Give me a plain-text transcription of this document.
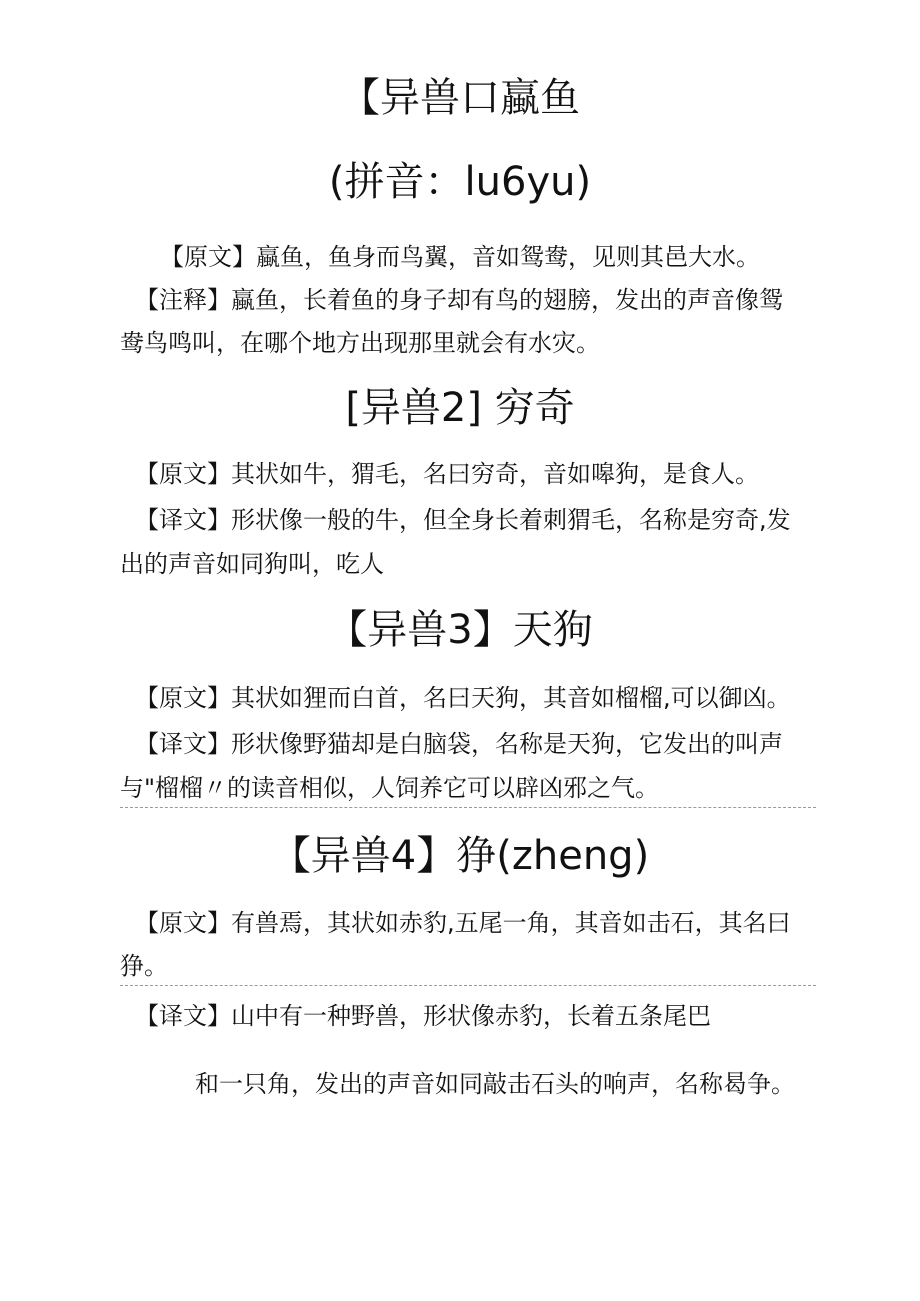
【异兽口蠃鱼
(拼音：lu6yu)
【原文】蠃鱼，鱼身而鸟翼，音如鸳鸯，见则其邑大水。
【注释】蠃鱼，长着鱼的身子却有鸟的翅膀，发出的声音像鸳
鸯鸟鸣叫，在哪个地方出现那里就会有水灾。
[异兽2] 穷奇
【原文】其状如牛，猬毛，名曰穷奇，音如嗥狗，是食人。
【译文】形状像一般的牛，但全身长着刺猬毛，名称是穷奇,发
出的声音如同狗叫，吃人
【异兽3】天狗
【原文】其状如狸而白首，名曰天狗，其音如榴榴,可以御凶。
【译文】形状像野猫却是白脑袋，名称是天狗，它发出的叫声
与"榴榴〃的读音相似，人饲养它可以辟凶邪之气。
【异兽4】狰(zheng)
【原文】有兽焉，其状如赤豹,五尾一角，其音如击石，其名曰
狰。
【译文】山中有一种野兽，形状像赤豹，长着五条尾巴
和一只角，发出的声音如同敲击石头的响声，名称曷争。
